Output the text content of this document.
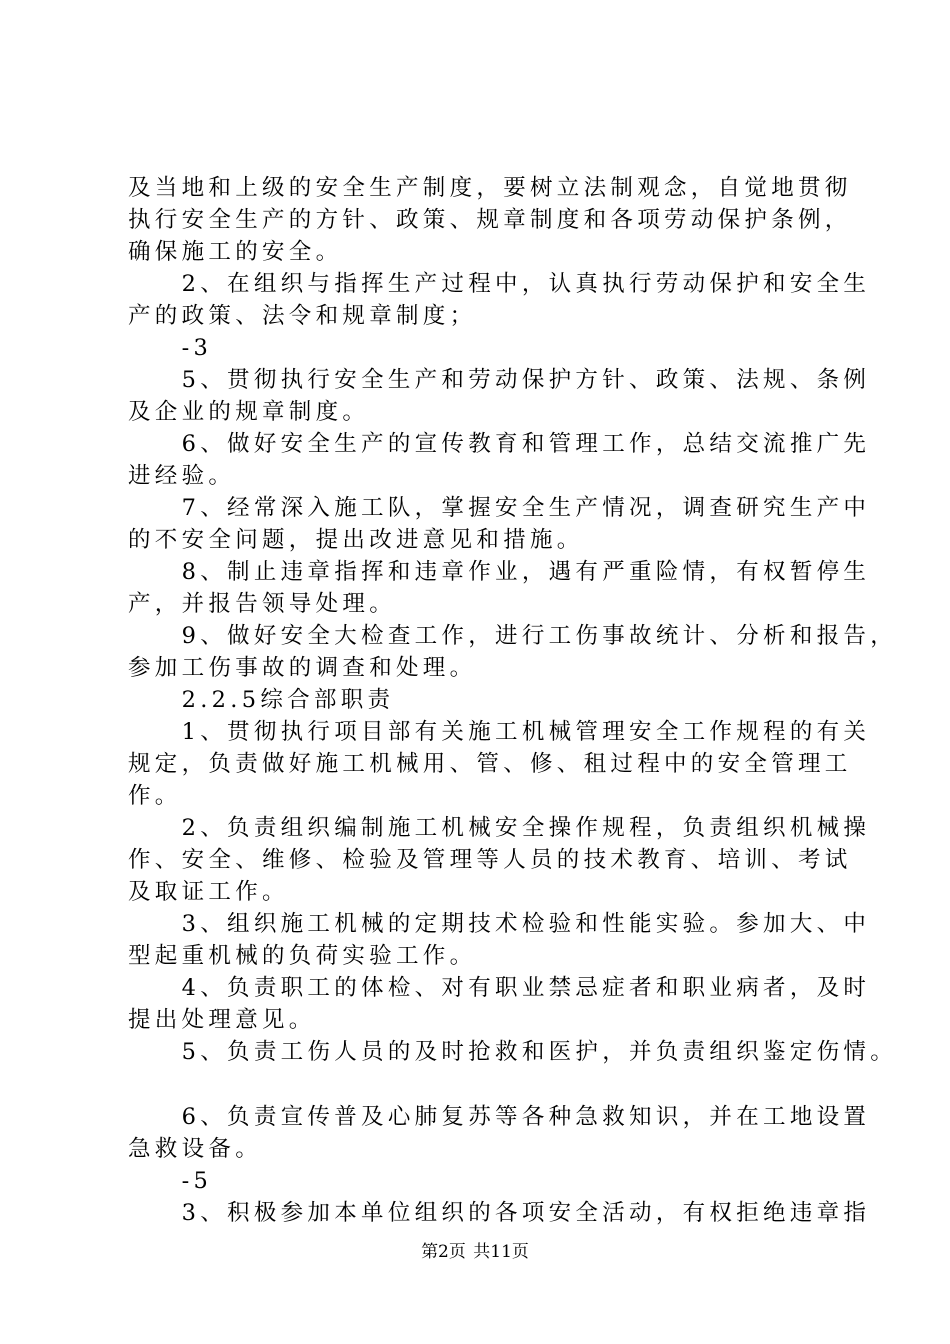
及当地和上级的安全生产制度，要树立法制观念，自觉地贯彻
执行安全生产的方针、政策、规章制度和各项劳动保护条例，
确保施工的安全。
　　2、在组织与指挥生产过程中，认真执行劳动保护和安全生
产的政策、法令和规章制度；
　　-3
　　5、贯彻执行安全生产和劳动保护方针、政策、法规、条例
及企业的规章制度。
　　6、做好安全生产的宣传教育和管理工作，总结交流推广先
进经验。
　　7、经常深入施工队，掌握安全生产情况，调查研究生产中
的不安全问题，提出改进意见和措施。
　　8、制止违章指挥和违章作业，遇有严重险情，有权暂停生
产，并报告领导处理。
　　9、做好安全大检查工作，进行工伤事故统计、分析和报告，
参加工伤事故的调查和处理。
　　2.2.5综合部职责
　　1、贯彻执行项目部有关施工机械管理安全工作规程的有关
规定，负责做好施工机械用、管、修、租过程中的安全管理工
作。
　　2、负责组织编制施工机械安全操作规程，负责组织机械操
作、安全、维修、检验及管理等人员的技术教育、培训、考试
及取证工作。
　　3、组织施工机械的定期技术检验和性能实验。参加大、中
型起重机械的负荷实验工作。
　　4、负责职工的体检、对有职业禁忌症者和职业病者，及时
提出处理意见。
　　5、负责工伤人员的及时抢救和医护，并负责组织鉴定伤情。
　　6、负责宣传普及心肺复苏等各种急救知识，并在工地设置
急救设备。
　　-5
　　3、积极参加本单位组织的各项安全活动，有权拒绝违章指
第2页 共11页
